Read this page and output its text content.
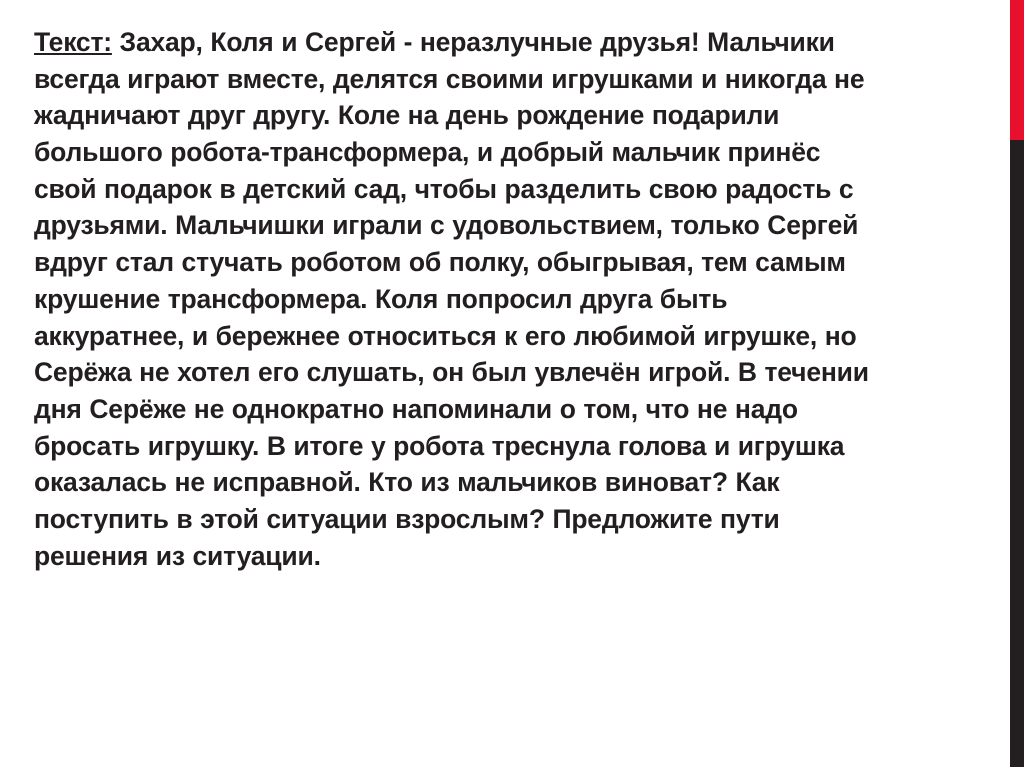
Текст: Захар, Коля и Сергей - неразлучные друзья! Мальчики всегда играют вместе, делятся своими игрушками и никогда не жадничают друг другу. Коле на день рождение подарили большого робота-трансформера, и добрый мальчик принёс свой подарок в детский сад, чтобы разделить свою радость с друзьями. Мальчишки играли с удовольствием, только Сергей вдруг стал стучать роботом об полку, обыгрывая, тем самым крушение трансформера. Коля попросил друга быть аккуратнее, и бережнее относиться к его любимой игрушке, но Серёжа не хотел его слушать, он был увлечён игрой. В течении дня Серёже не однократно напоминали о том, что не надо бросать игрушку. В итоге у робота треснула голова и игрушка оказалась не исправной. Кто из мальчиков виноват? Как поступить в этой ситуации взрослым? Предложите пути решения из ситуации.
